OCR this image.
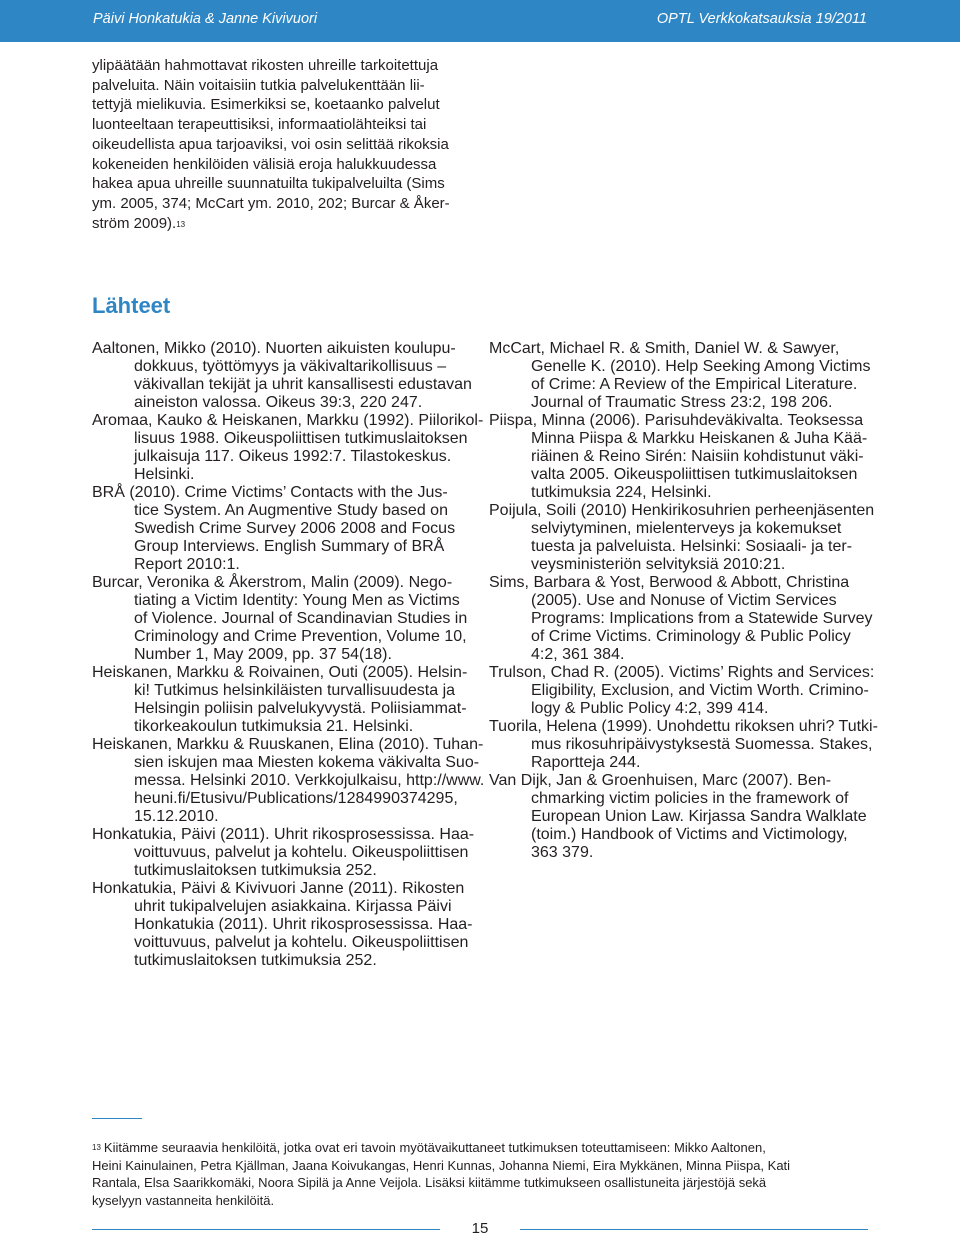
Päivi Honkatukia & Janne Kivivuori	OPTL Verkkokatsauksia 19/2011

ylipäätään hahmottavat rikosten uhreille tarkoitettuja
palveluita. Näin voitaisiin tutkia palvelukenttään lii-
tettyjä mielikuvia. Esimerkiksi se, koetaanko palvelut
luonteeltaan terapeuttisiksi, informaatiolähteiksi tai
oikeudellista apua tarjoaviksi, voi osin selittää rikoksia
kokeneiden henkilöiden välisiä eroja halukkuudessa
hakea apua uhreille suunnatuilta tukipalveluilta (Sims
ym. 2005, 374; McCart ym. 2010, 202; Burcar & Åker-
ström 2009).$^{13}$

Lähteet
Aaltonen, Mikko (2010). Nuorten aikuisten koulupu-
dokkuus, työttömyys ja väkivaltarikollisuus –
väkivallan tekijät ja uhrit kansallisesti edustavan
aineiston valossa. Oikeus 39:3, 220 247.
Aromaa, Kauko & Heiskanen, Markku (1992). Piilorikol-
lisuus 1988. Oikeuspoliittisen tutkimuslaitoksen
julkaisuja 117. Oikeus 1992:7. Tilastokeskus.
Helsinki.
BRÅ (2010). Crime Victims’ Contacts with the Jus-
tice System. An Augmentive Study based on
Swedish Crime Survey 2006 2008 and Focus
Group Interviews. English Summary of BRÅ
Report 2010:1.
Burcar, Veronika & Åkerstrom, Malin (2009). Nego-
tiating a Victim Identity: Young Men as Victims
of Violence. Journal of Scandinavian Studies in
Criminology and Crime Prevention, Volume 10,
Number 1, May 2009, pp. 37 54(18).
Heiskanen, Markku & Roivainen, Outi (2005). Helsin-
ki! Tutkimus helsinkiläisten turvallisuudesta ja
Helsingin poliisin palvelukyvystä. Poliisiammat-
tikorkeakoulun tutkimuksia 21. Helsinki.
Heiskanen, Markku & Ruuskanen, Elina (2010). Tuhan-
sien iskujen maa Miesten kokema väkivalta Suo-
messa. Helsinki 2010. Verkkojulkaisu, http://www.
heuni.fi/Etusivu/Publications/1284990374295,
15.12.2010.
Honkatukia, Päivi (2011). Uhrit rikosprosessissa. Haa-
voittuvuus, palvelut ja kohtelu. Oikeuspoliittisen
tutkimuslaitoksen tutkimuksia 252.
Honkatukia, Päivi & Kivivuori Janne (2011). Rikosten
uhrit tukipalvelujen asiakkaina. Kirjassa Päivi
Honkatukia (2011). Uhrit rikosprosessissa. Haa-
voittuvuus, palvelut ja kohtelu. Oikeuspoliittisen
tutkimuslaitoksen tutkimuksia 252.
McCart, Michael R. & Smith, Daniel W. & Sawyer,
Genelle K. (2010). Help Seeking Among Victims
of Crime: A Review of the Empirical Literature.
Journal of Traumatic Stress 23:2, 198 206.
Piispa, Minna (2006). Parisuhdeväkivalta. Teoksessa
Minna Piispa & Markku Heiskanen & Juha Kää-
riäinen & Reino Sirén: Naisiin kohdistunut väki-
valta 2005. Oikeuspoliittisen tutkimuslaitoksen
tutkimuksia 224, Helsinki.
Poijula, Soili (2010) Henkirikosuhrien perheenjäsenten
selviytyminen, mielenterveys ja kokemukset
tuesta ja palveluista. Helsinki: Sosiaali- ja ter-
veysministeriön selvityksiä 2010:21.
Sims, Barbara & Yost, Berwood & Abbott, Christina
(2005). Use and Nonuse of Victim Services
Programs: Implications from a Statewide Survey
of Crime Victims. Criminology & Public Policy
4:2, 361 384.
Trulson, Chad R. (2005). Victims’ Rights and Services:
Eligibility, Exclusion, and Victim Worth. Crimino-
logy & Public Policy 4:2, 399 414.
Tuorila, Helena (1999). Unohdettu rikoksen uhri? Tutki-
mus rikosuhripäivystyksestä Suomessa. Stakes,
Raportteja 244.
Van Dijk, Jan & Groenhuisen, Marc (2007). Ben-
chmarking victim policies in the framework of
European Union Law. Kirjassa Sandra Walklate
(toim.) Handbook of Victims and Victimology,
363 379.

$^{13}$ Kiitämme seuraavia henkilöitä, jotka ovat eri tavoin myötävaikuttaneet tutkimuksen toteuttamiseen: Mikko Aaltonen,
Heini Kainulainen, Petra Kjällman, Jaana Koivukangas, Henri Kunnas, Johanna Niemi, Eira Mykkänen, Minna Piispa, Kati
Rantala, Elsa Saarikkomäki, Noora Sipilä ja Anne Veijola. Lisäksi kiitämme tutkimukseen osallistuneita järjestöjä sekä
kyselyyn vastanneita henkilöitä.

15
